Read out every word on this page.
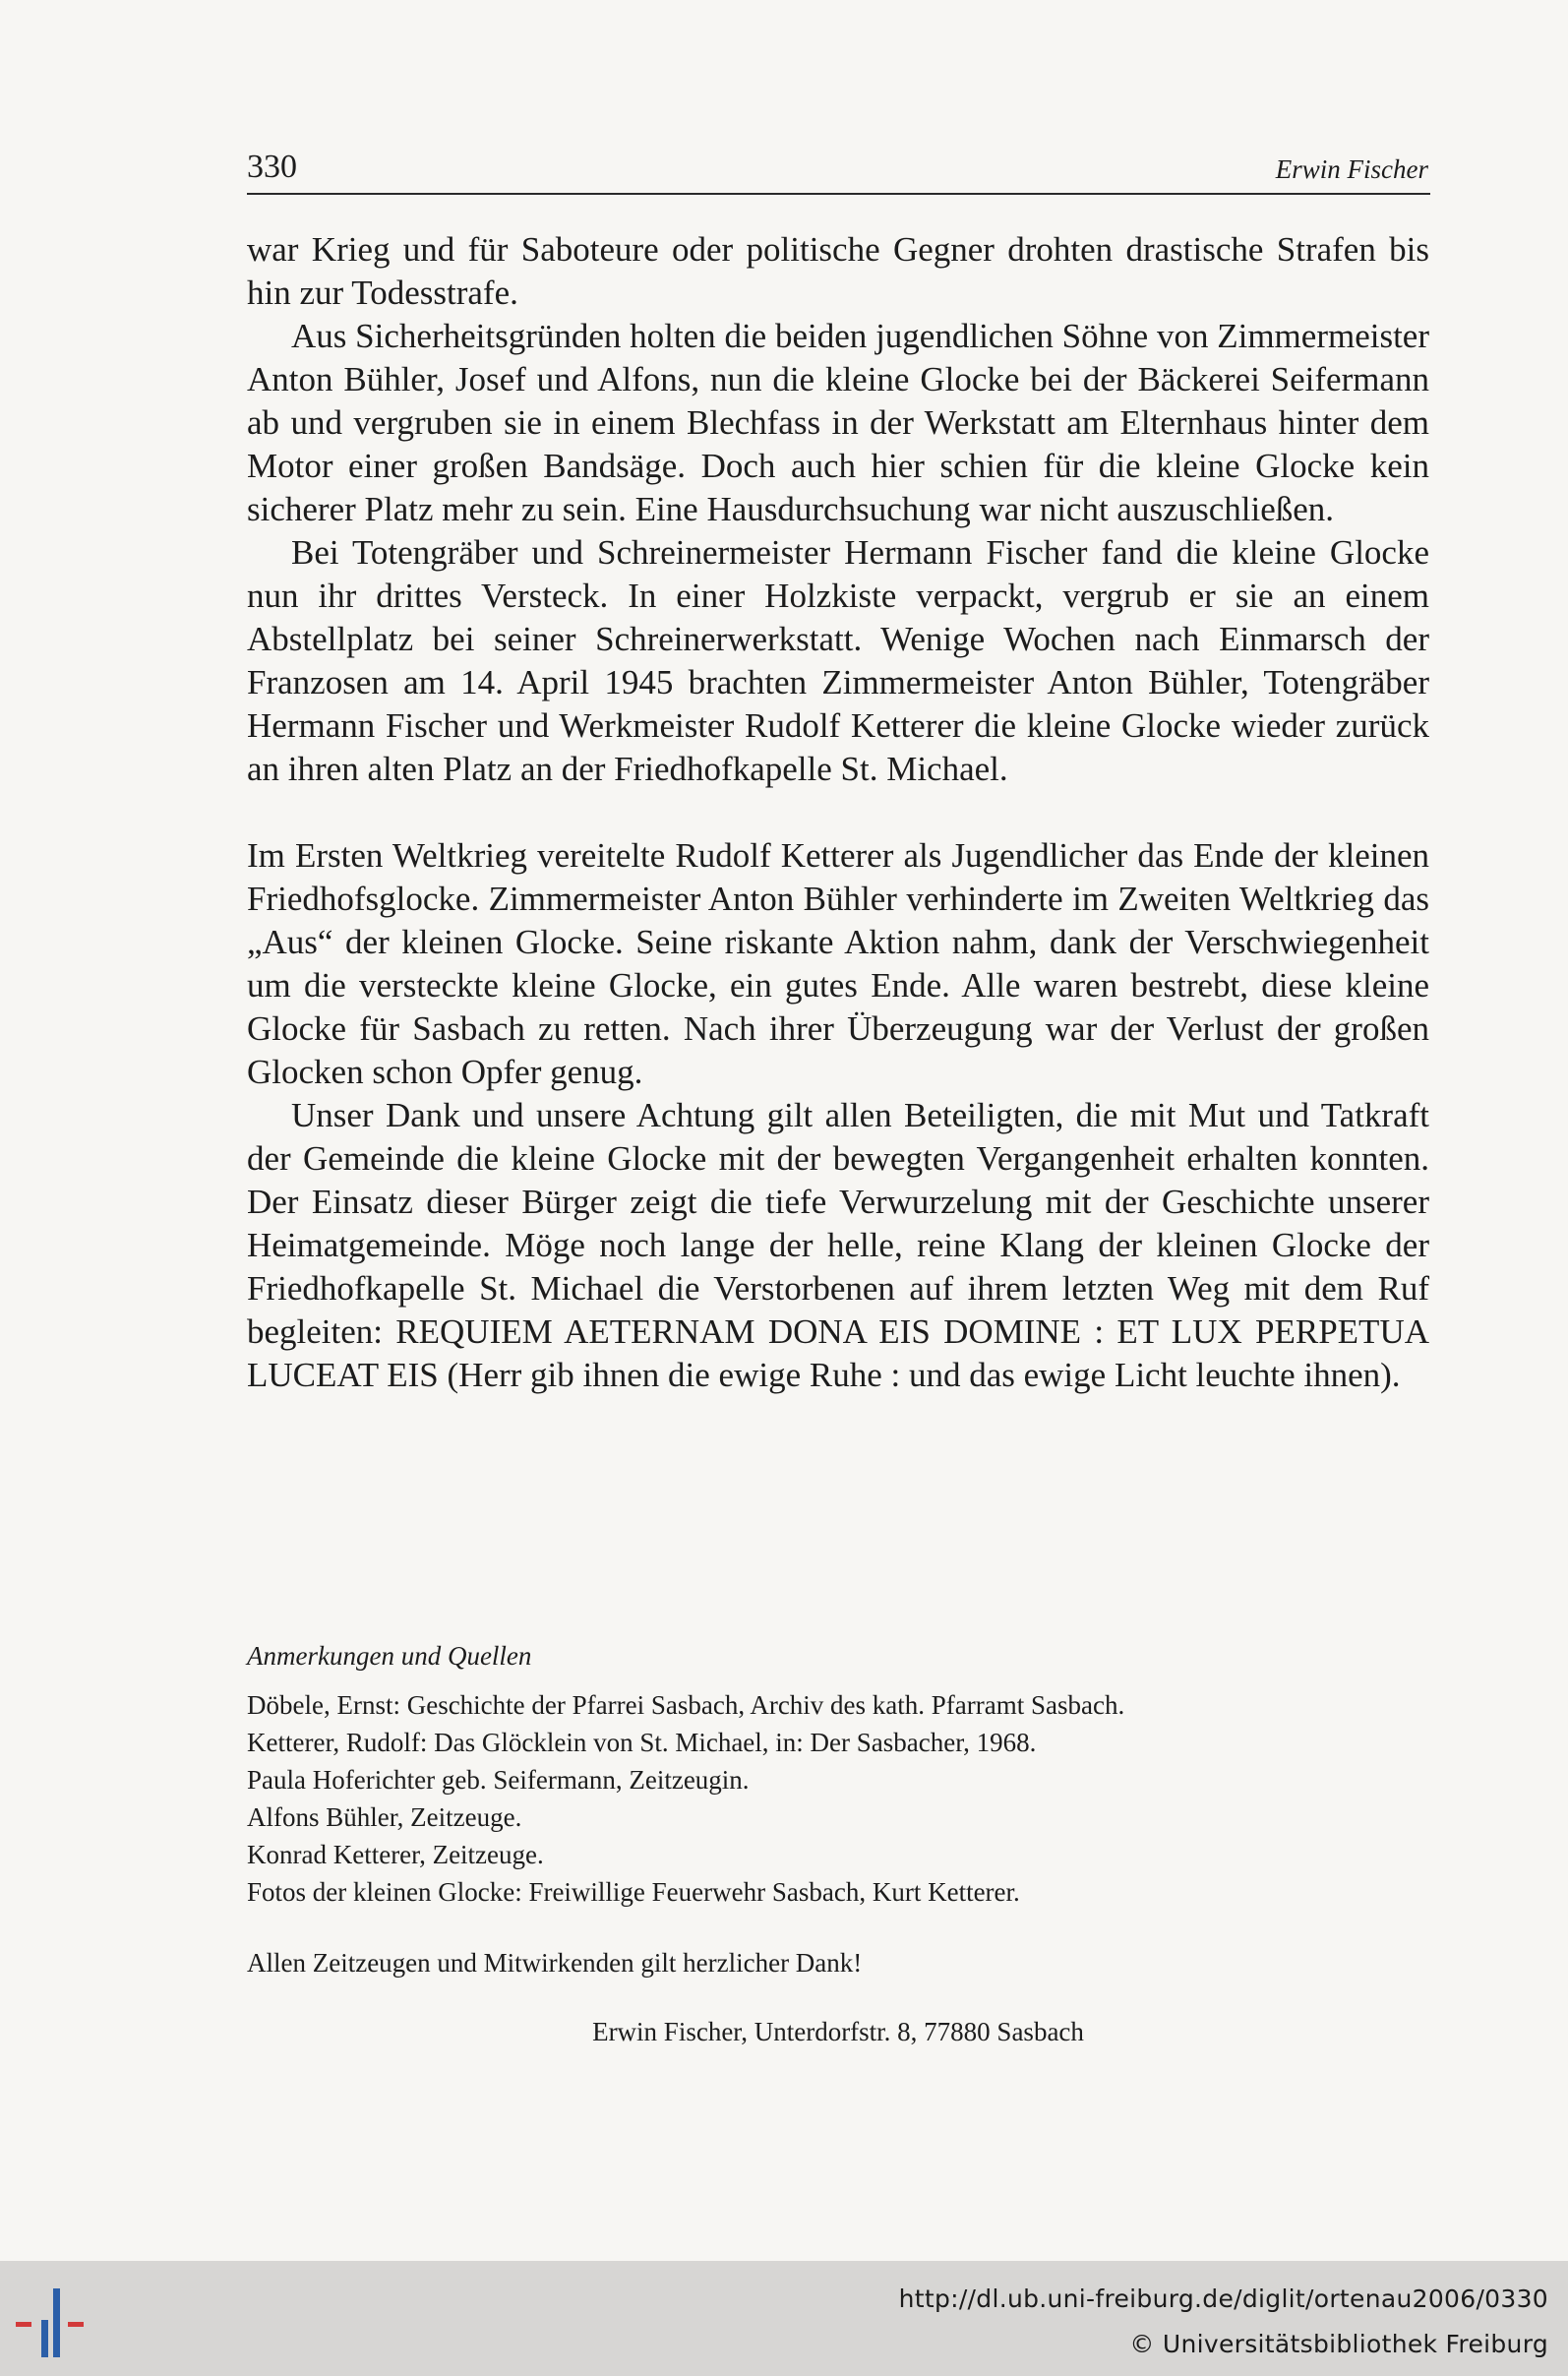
330	Erwin Fischer

war Krieg und für Saboteure oder politische Gegner drohten drastische Strafen bis hin zur Todesstrafe.

Aus Sicherheitsgründen holten die beiden jugendlichen Söhne von Zimmermeister Anton Bühler, Josef und Alfons, nun die kleine Glocke bei der Bäckerei Seifermann ab und vergruben sie in einem Blechfass in der Werkstatt am Elternhaus hinter dem Motor einer großen Bandsäge. Doch auch hier schien für die kleine Glocke kein sicherer Platz mehr zu sein. Eine Hausdurchsuchung war nicht auszuschließen.

Bei Totengräber und Schreinermeister Hermann Fischer fand die kleine Glocke nun ihr drittes Versteck. In einer Holzkiste verpackt, vergrub er sie an einem Abstellplatz bei seiner Schreinerwerkstatt. Wenige Wochen nach Einmarsch der Franzosen am 14. April 1945 brachten Zimmermeister Anton Bühler, Totengräber Hermann Fischer und Werkmeister Rudolf Ketterer die kleine Glocke wieder zurück an ihren alten Platz an der Friedhofkapelle St. Michael.

Im Ersten Weltkrieg vereitelte Rudolf Ketterer als Jugendlicher das Ende der kleinen Friedhofsglocke. Zimmermeister Anton Bühler verhinderte im Zweiten Weltkrieg das „Aus“ der kleinen Glocke. Seine riskante Aktion nahm, dank der Verschwiegenheit um die versteckte kleine Glocke, ein gutes Ende. Alle waren bestrebt, diese kleine Glocke für Sasbach zu retten. Nach ihrer Überzeugung war der Verlust der großen Glocken schon Opfer genug.

Unser Dank und unsere Achtung gilt allen Beteiligten, die mit Mut und Tatkraft der Gemeinde die kleine Glocke mit der bewegten Vergangenheit erhalten konnten. Der Einsatz dieser Bürger zeigt die tiefe Verwurzelung mit der Geschichte unserer Heimatgemeinde. Möge noch lange der helle, reine Klang der kleinen Glocke der Friedhofkapelle St. Michael die Verstorbenen auf ihrem letzten Weg mit dem Ruf begleiten: REQUIEM AETERNAM DONA EIS DOMINE : ET LUX PERPETUA LUCEAT EIS (Herr gib ihnen die ewige Ruhe : und das ewige Licht leuchte ihnen).

Anmerkungen und Quellen
Döbele, Ernst: Geschichte der Pfarrei Sasbach, Archiv des kath. Pfarramt Sasbach.
Ketterer, Rudolf: Das Glöcklein von St. Michael, in: Der Sasbacher, 1968.
Paula Hoferichter geb. Seifermann, Zeitzeugin.
Alfons Bühler, Zeitzeuge.
Konrad Ketterer, Zeitzeuge.
Fotos der kleinen Glocke: Freiwillige Feuerwehr Sasbach, Kurt Ketterer.
Allen Zeitzeugen und Mitwirkenden gilt herzlicher Dank!
Erwin Fischer, Unterdorfstr. 8, 77880 Sasbach
http://dl.ub.uni-freiburg.de/diglit/ortenau2006/0330
© Universitätsbibliothek Freiburg
